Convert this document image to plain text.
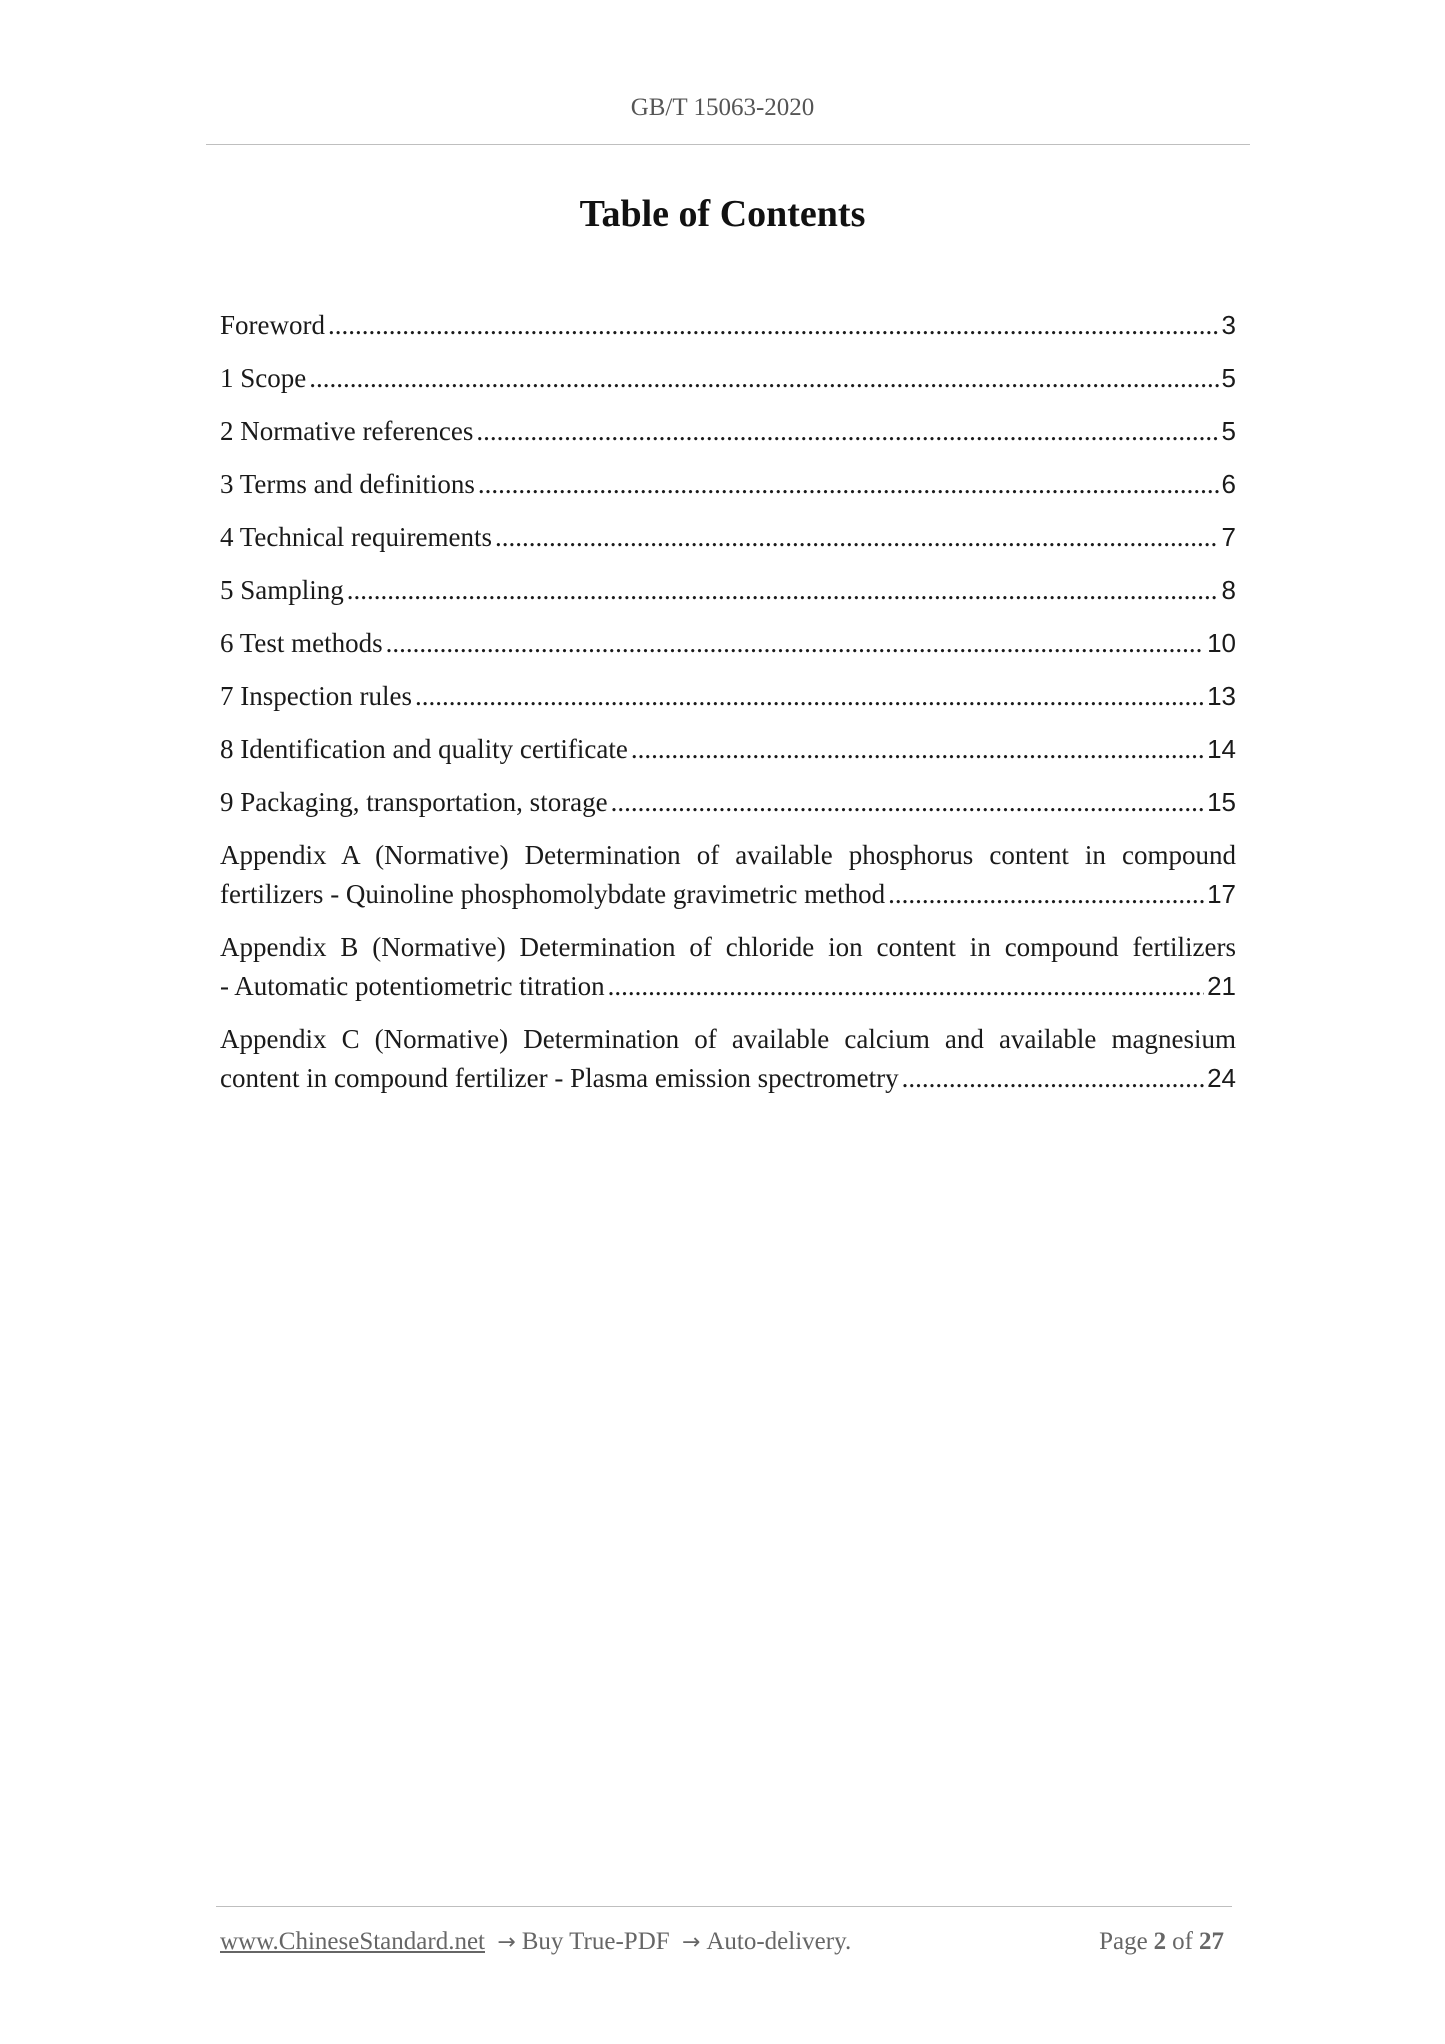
GB/T 15063-2020
Table of Contents
Foreword .....	3
1 Scope .....	5
2 Normative references .....	5
3 Terms and definitions .....	6
4 Technical requirements .....	7
5 Sampling .....	8
6 Test methods .....	10
7 Inspection rules .....	13
8 Identification and quality certificate .....	14
9 Packaging, transportation, storage .....	15
Appendix A (Normative) Determination of available phosphorus content in compound
fertilizers - Quinoline phosphomolybdate gravimetric method .....	17
Appendix B (Normative) Determination of chloride ion content in compound fertilizers
- Automatic potentiometric titration .....	21
Appendix C (Normative) Determination of available calcium and available magnesium
content in compound fertilizer - Plasma emission spectrometry .....	24
www.ChineseStandard.net → Buy True-PDF → Auto-delivery.	Page 2 of 27
